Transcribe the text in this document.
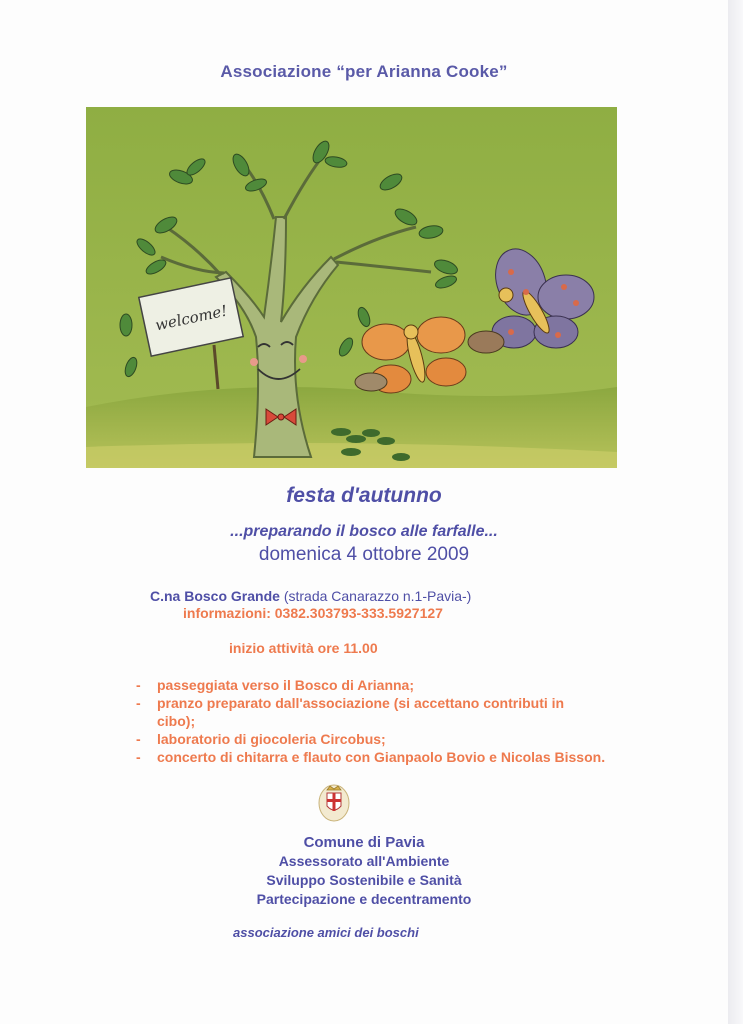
Associazione “per Arianna Cooke”
welcome!
festa d'autunno
...preparando il bosco alle farfalle...
domenica 4 ottobre 2009
C.na Bosco Grande (strada Canarazzo n.1-Pavia-)
informazioni: 0382.303793-333.5927127
inizio attività ore 11.00
- passeggiata verso il Bosco di Arianna;
- pranzo preparato dall'associazione (si accettano contributi in cibo);
- laboratorio di giocoleria Circobus;
- concerto di chitarra e flauto con Gianpaolo Bovio e Nicolas Bisson.
Comune di Pavia
Assessorato all'Ambiente
Sviluppo Sostenibile e Sanità
Partecipazione e decentramento
associazione amici dei boschi
